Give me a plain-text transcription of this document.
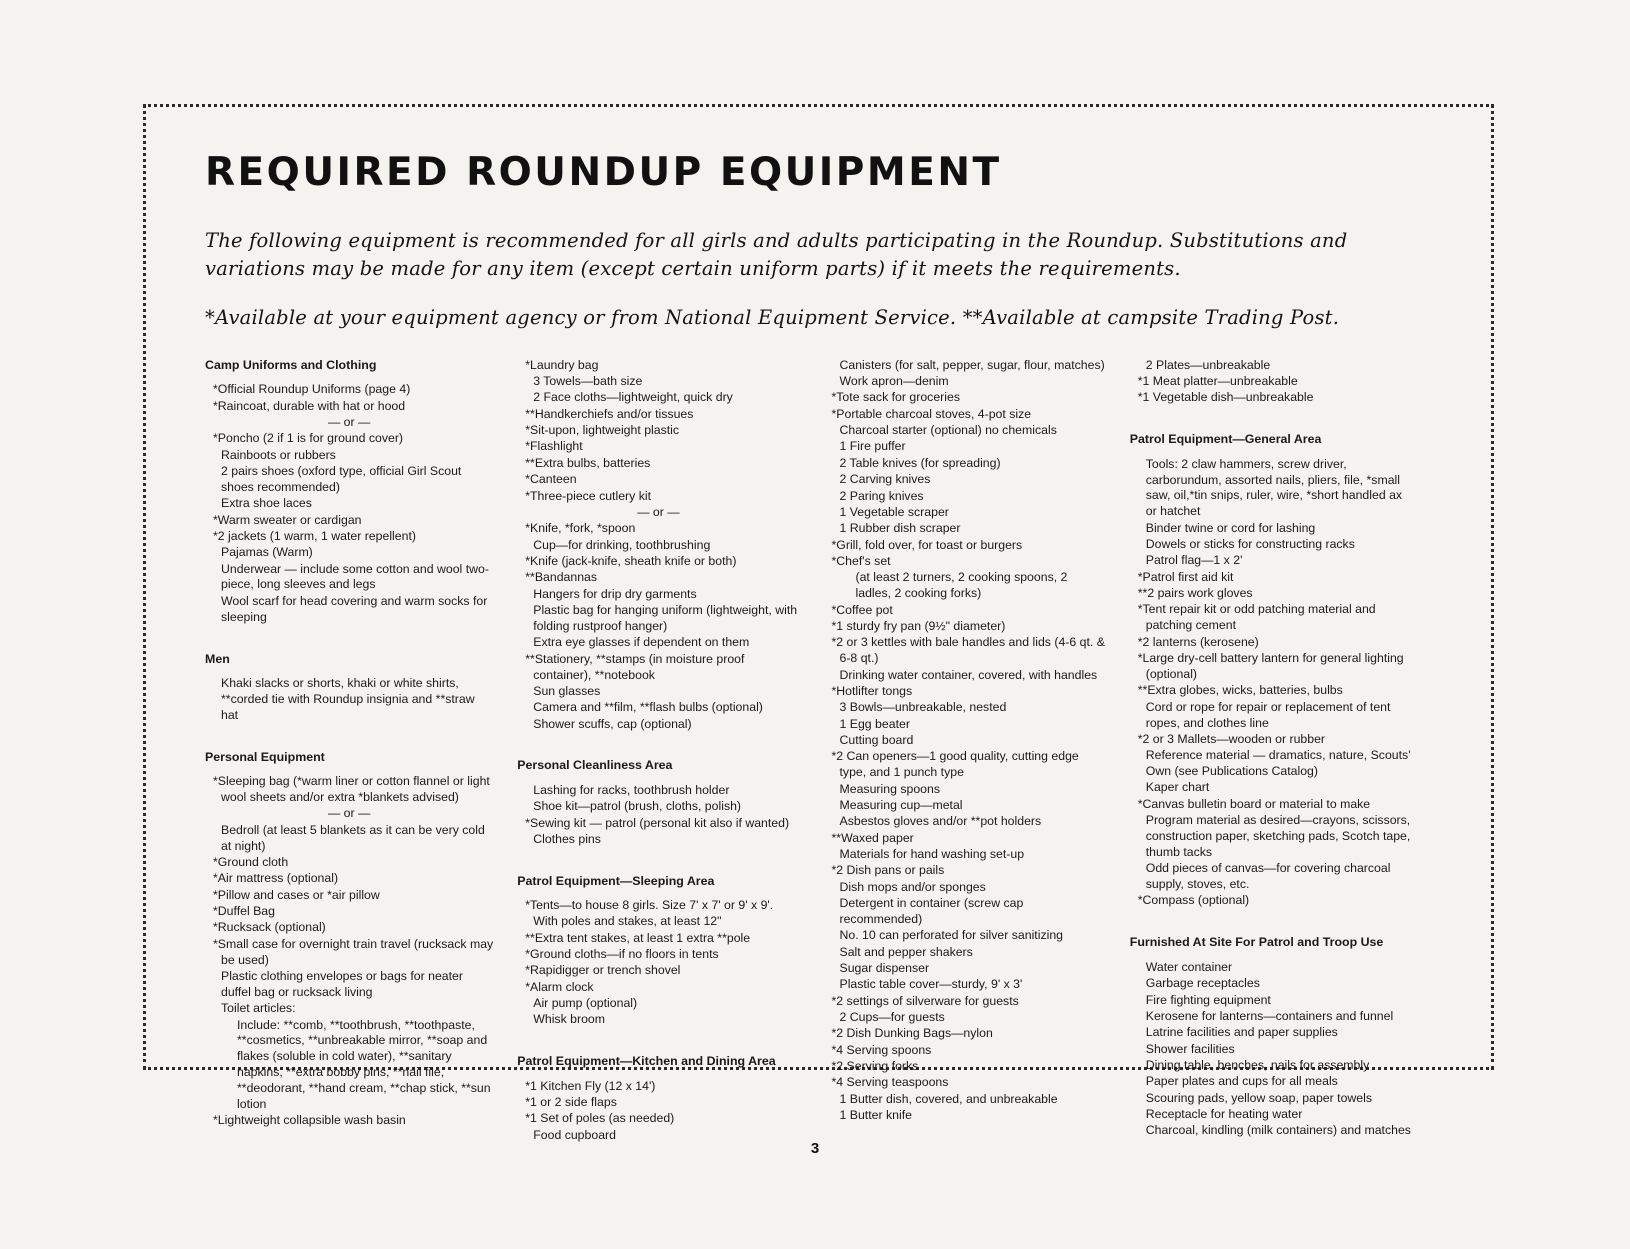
REQUIRED ROUNDUP EQUIPMENT

The following equipment is recommended for all girls and adults participating in the Roundup. Substitutions and variations may be made for any item (except certain uniform parts) if it meets the requirements.

*Available at your equipment agency or from National Equipment Service. **Available at campsite Trading Post.

Camp Uniforms and Clothing
*Official Roundup Uniforms (page 4)
*Raincoat, durable with hat or hood
— or —
*Poncho (2 if 1 is for ground cover)
Rainboots or rubbers
2 pairs shoes (oxford type, official Girl Scout shoes recommended)
Extra shoe laces
*Warm sweater or cardigan
*2 jackets (1 warm, 1 water repellent)
Pajamas (Warm)
Underwear — include some cotton and wool two-piece, long sleeves and legs
Wool scarf for head covering and warm socks for sleeping
Men
Khaki slacks or shorts, khaki or white shirts, **corded tie with Roundup insignia and **straw hat
Personal Equipment
*Sleeping bag (*warm liner or cotton flannel or light wool sheets and/or extra *blankets advised)
— or —
Bedroll (at least 5 blankets as it can be very cold at night)
*Ground cloth
*Air mattress (optional)
*Pillow and cases or *air pillow
*Duffel Bag
*Rucksack (optional)
*Small case for overnight train travel (rucksack may be used)
Plastic clothing envelopes or bags for neater duffel bag or rucksack living
Toilet articles:
Include: **comb, **toothbrush, **toothpaste, **cosmetics, **unbreakable mirror, **soap and flakes (soluble in cold water), **sanitary napkins, **extra bobby pins, **nail file, **deodorant, **hand cream, **chap stick, **sun lotion
*Lightweight collapsible wash basin
*Laundry bag
3 Towels—bath size
2 Face cloths—lightweight, quick dry
**Handkerchiefs and/or tissues
*Sit-upon, lightweight plastic
*Flashlight
**Extra bulbs, batteries
*Canteen
*Three-piece cutlery kit
— or —
*Knife, *fork, *spoon
Cup—for drinking, toothbrushing
*Knife (jack-knife, sheath knife or both)
**Bandannas
Hangers for drip dry garments
Plastic bag for hanging uniform (lightweight, with folding rustproof hanger)
Extra eye glasses if dependent on them
**Stationery, **stamps (in moisture proof container), **notebook
Sun glasses
Camera and **film, **flash bulbs (optional)
Shower scuffs, cap (optional)
Personal Cleanliness Area
Lashing for racks, toothbrush holder
Shoe kit—patrol (brush, cloths, polish)
*Sewing kit — patrol (personal kit also if wanted)
Clothes pins
Patrol Equipment—Sleeping Area
*Tents—to house 8 girls. Size 7' x 7' or 9' x 9'. With poles and stakes, at least 12"
**Extra tent stakes, at least 1 extra **pole
*Ground cloths—if no floors in tents
*Rapidigger or trench shovel
*Alarm clock
Air pump (optional)
Whisk broom
Patrol Equipment—Kitchen and Dining Area
*1 Kitchen Fly (12 x 14')
*1 or 2 side flaps
*1 Set of poles (as needed)
Food cupboard
Canisters (for salt, pepper, sugar, flour, matches)
Work apron—denim
*Tote sack for groceries
*Portable charcoal stoves, 4-pot size
Charcoal starter (optional) no chemicals
1 Fire puffer
2 Table knives (for spreading)
2 Carving knives
2 Paring knives
1 Vegetable scraper
1 Rubber dish scraper
*Grill, fold over, for toast or burgers
*Chef's set
(at least 2 turners, 2 cooking spoons, 2 ladles, 2 cooking forks)
*Coffee pot
*1 sturdy fry pan (9½" diameter)
*2 or 3 kettles with bale handles and lids (4-6 qt. & 6-8 qt.)
Drinking water container, covered, with handles
*Hotlifter tongs
3 Bowls—unbreakable, nested
1 Egg beater
Cutting board
*2 Can openers—1 good quality, cutting edge type, and 1 punch type
Measuring spoons
Measuring cup—metal
Asbestos gloves and/or **pot holders
**Waxed paper
Materials for hand washing set-up
*2 Dish pans or pails
Dish mops and/or sponges
Detergent in container (screw cap recommended)
No. 10 can perforated for silver sanitizing
Salt and pepper shakers
Sugar dispenser
Plastic table cover—sturdy, 9' x 3'
*2 settings of silverware for guests
2 Cups—for guests
*2 Dish Dunking Bags—nylon
*4 Serving spoons
*2 Serving forks
*4 Serving teaspoons
1 Butter dish, covered, and unbreakable
1 Butter knife
2 Plates—unbreakable
*1 Meat platter—unbreakable
*1 Vegetable dish—unbreakable
Patrol Equipment—General Area
Tools: 2 claw hammers, screw driver, carborundum, assorted nails, pliers, file, *small saw, oil,*tin snips, ruler, wire, *short handled ax or hatchet
Binder twine or cord for lashing
Dowels or sticks for constructing racks
Patrol flag—1 x 2'
*Patrol first aid kit
**2 pairs work gloves
*Tent repair kit or odd patching material and patching cement
*2 lanterns (kerosene)
*Large dry-cell battery lantern for general lighting (optional)
**Extra globes, wicks, batteries, bulbs
Cord or rope for repair or replacement of tent ropes, and clothes line
*2 or 3 Mallets—wooden or rubber
Reference material — dramatics, nature, Scouts' Own (see Publications Catalog)
Kaper chart
*Canvas bulletin board or material to make
Program material as desired—crayons, scissors, construction paper, sketching pads, Scotch tape, thumb tacks
Odd pieces of canvas—for covering charcoal supply, stoves, etc.
*Compass (optional)
Furnished At Site For Patrol and Troop Use
Water container
Garbage receptacles
Fire fighting equipment
Kerosene for lanterns—containers and funnel
Latrine facilities and paper supplies
Shower facilities
Dining table, benches, nails for assembly
Paper plates and cups for all meals
Scouring pads, yellow soap, paper towels
Receptacle for heating water
Charcoal, kindling (milk containers) and matches
3
